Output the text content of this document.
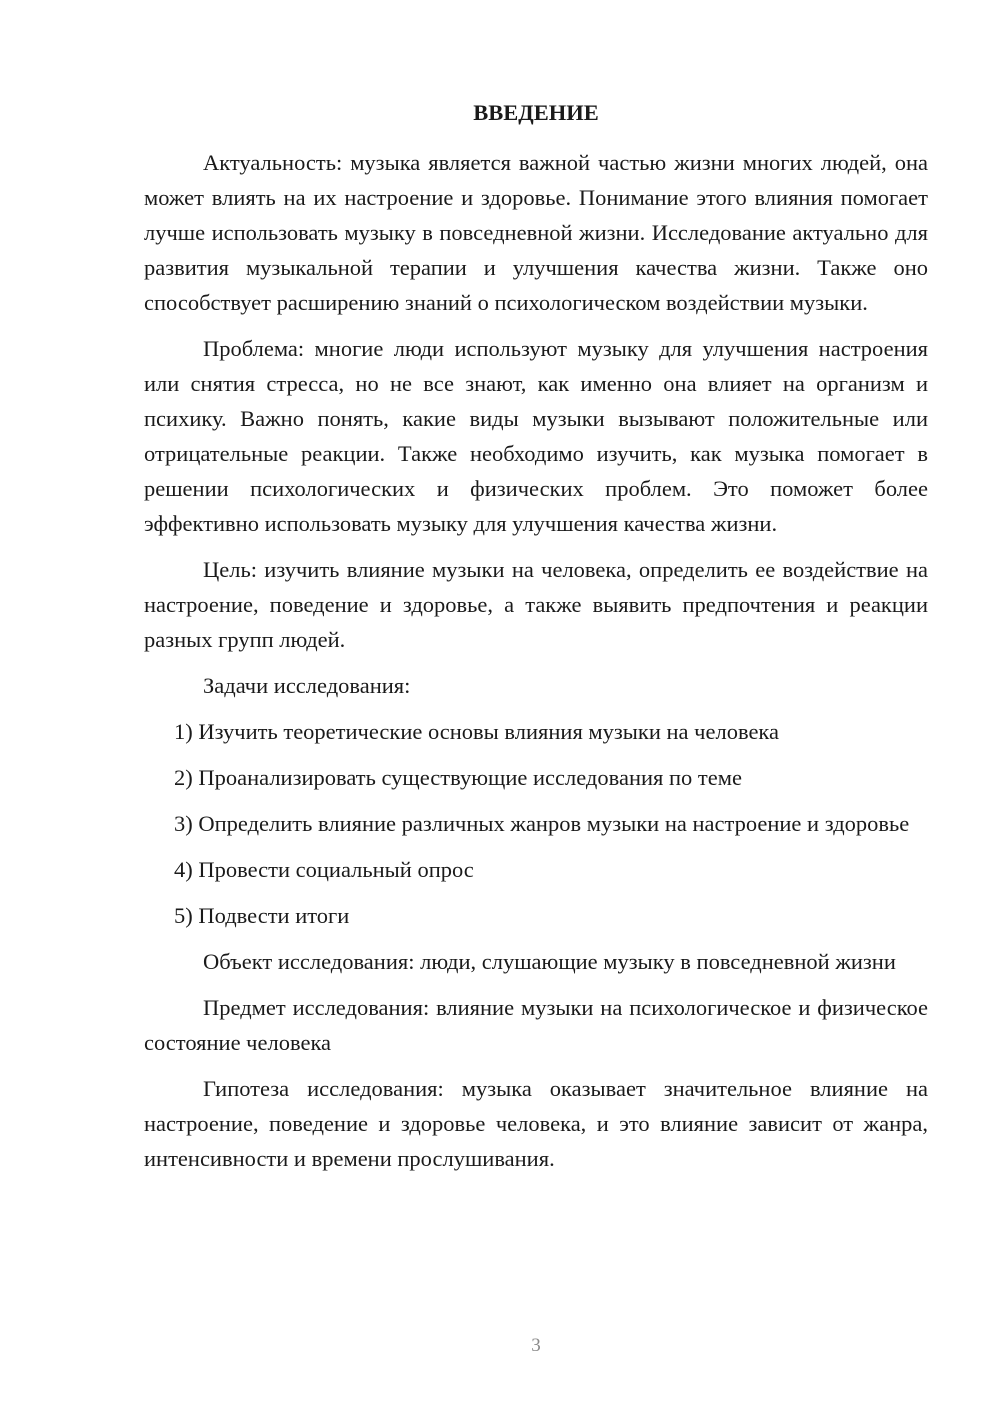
ВВЕДЕНИЕ

Актуальность: музыка является важной частью жизни многих людей, она может влиять на их настроение и здоровье. Понимание этого влияния помогает лучше использовать музыку в повседневной жизни. Исследование актуально для развития музыкальной терапии и улучшения качества жизни. Также оно способствует расширению знаний о психологическом воздействии музыки.

Проблема: многие люди используют музыку для улучшения настроения или снятия стресса, но не все знают, как именно она влияет на организм и психику. Важно понять, какие виды музыки вызывают положительные или отрицательные реакции. Также необходимо изучить, как музыка помогает в решении психологических и физических проблем. Это поможет более эффективно использовать музыку для улучшения качества жизни.

Цель: изучить влияние музыки на человека, определить ее воздействие на настроение, поведение и здоровье, а также выявить предпочтения и реакции разных групп людей.

Задачи исследования:

1) Изучить теоретические основы влияния музыки на человека

2) Проанализировать существующие исследования по теме

3) Определить влияние различных жанров музыки на настроение и здоровье

4) Провести социальный опрос

5) Подвести итоги

Объект исследования: люди, слушающие музыку в повседневной жизни

Предмет исследования: влияние музыки на психологическое и физическое состояние человека

Гипотеза исследования: музыка оказывает значительное влияние на настроение, поведение и здоровье человека, и это влияние зависит от жанра, интенсивности и времени прослушивания.

3
